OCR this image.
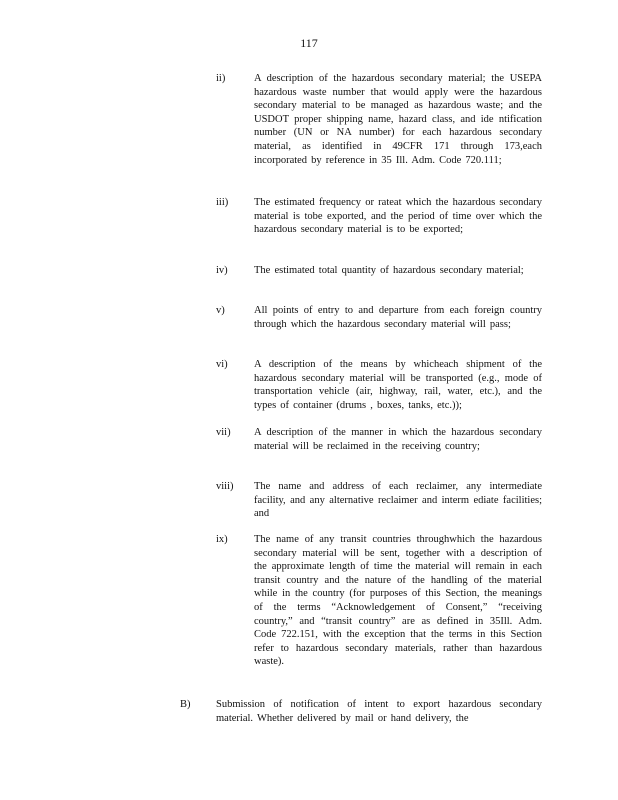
117
ii)	A description of the hazardous secondary material; the USEPA hazardous waste number that would apply were the hazardous secondary material to be managed as hazardous waste; and the USDOT proper shipping name, hazard class, and ide ntification number (UN or NA number) for each hazardous secondary material, as identified in 49CFR 171 through 173,each incorporated by reference in 35 Ill. Adm. Code 720.111;
iii) The estimated frequency or rateat which the hazardous secondary material is tobe exported, and the period of time over which the hazardous secondary material is to be exported;
iv)	The estimated total quantity of hazardous secondary material;
v)	All points of entry to and departure from each foreign country through which the hazardous secondary material will pass;
vi)	A description of the means by whicheach shipment of the hazardous secondary material will be transported (e.g., mode of transportation vehicle (air, highway, rail, water, etc.), and the types of container (drums , boxes, tanks, etc.));
vii) A description of the manner in which the hazardous secondary material will be reclaimed in the receiving country;
viii) The name and address of each reclaimer, any intermediate facility, and any alternative reclaimer and interm ediate facilities; and
ix)	The name of any transit countries throughwhich the hazardous secondary material will be sent, together with a description of the approximate length of time the material will remain in each transit country and the nature of the handling of the material while in the country (for purposes of this Section, the meanings of the terms “Acknowledgement of Consent,” “receiving country,” and “transit country” are as defined in 35Ill. Adm. Code 722.151, with the exception that the terms in this Section refer to hazardous secondary materials, rather than hazardous waste).
B) Submission of notification of intent to export hazardous secondary material. Whether delivered by mail or hand delivery, the
